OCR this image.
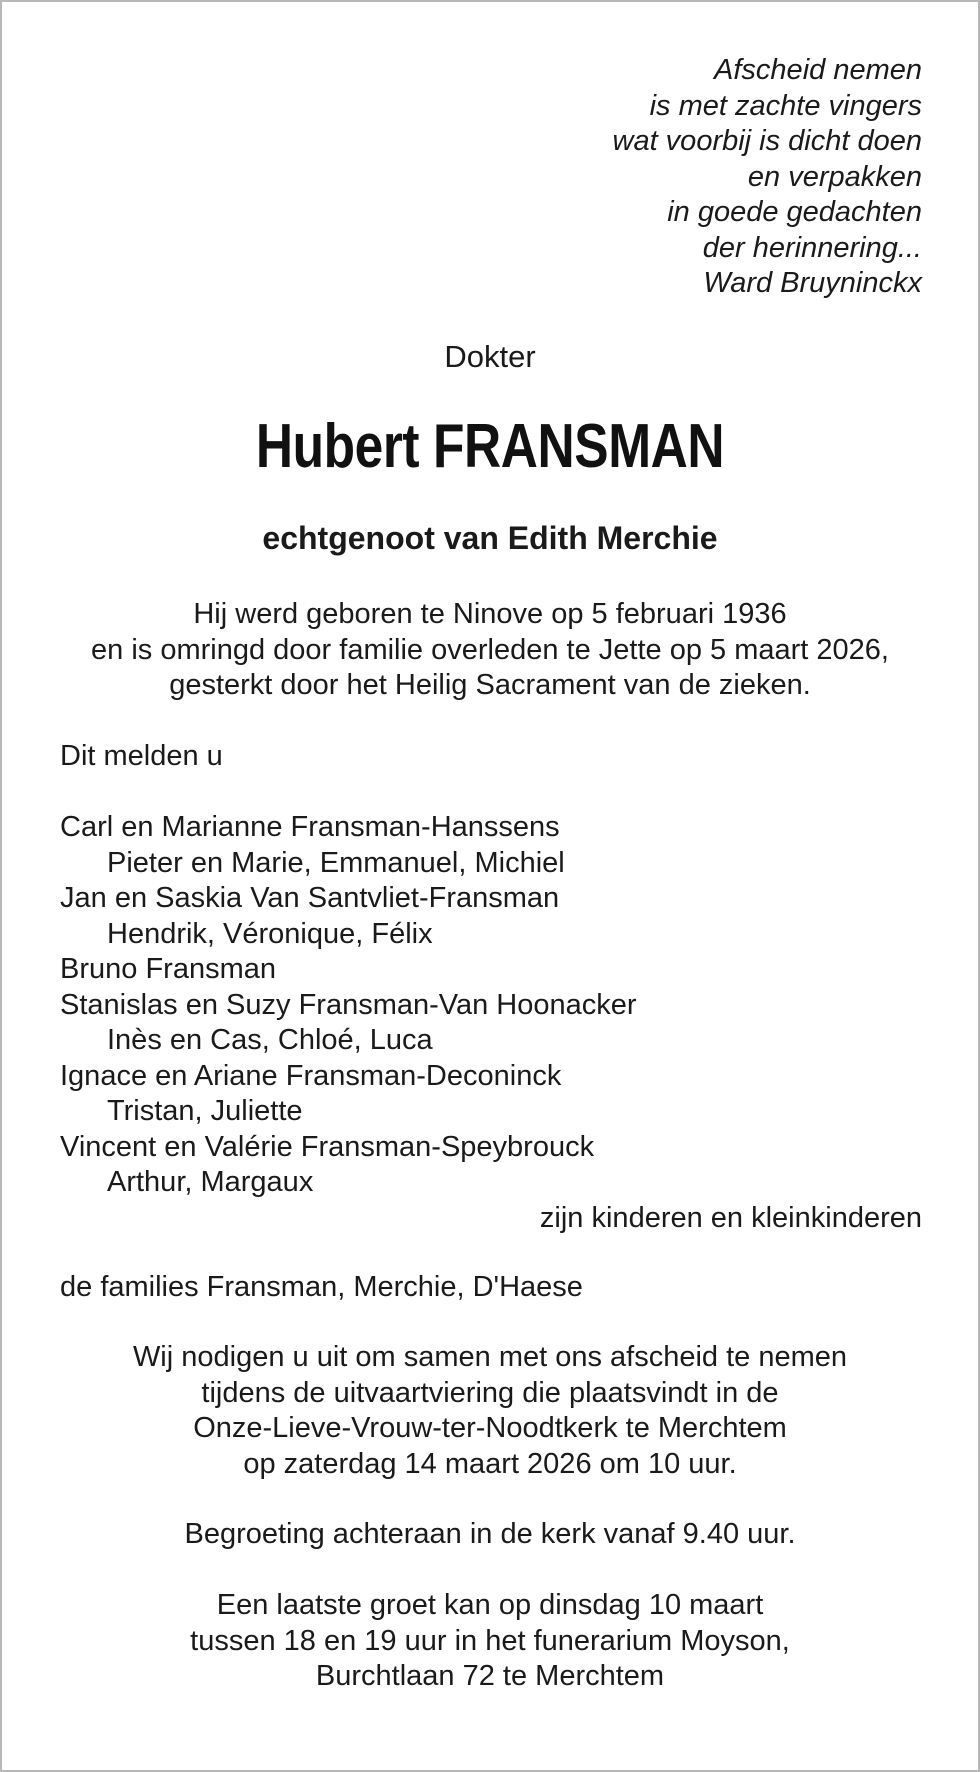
Afscheid nemen
is met zachte vingers
wat voorbij is dicht doen
en verpakken
in goede gedachten
der herinnering...
Ward Bruyninckx
Dokter
Hubert FRANSMAN
echtgenoot van Edith Merchie
Hij werd geboren te Ninove op 5 februari 1936
en is omringd door familie overleden te Jette op 5 maart 2026,
gesterkt door het Heilig Sacrament van de zieken.
Dit melden u
Carl en Marianne Fransman-Hanssens
Pieter en Marie, Emmanuel, Michiel
Jan en Saskia Van Santvliet-Fransman
Hendrik, Véronique, Félix
Bruno Fransman
Stanislas en Suzy Fransman-Van Hoonacker
Inès en Cas, Chloé, Luca
Ignace en Ariane Fransman-Deconinck
Tristan, Juliette
Vincent en Valérie Fransman-Speybrouck
Arthur, Margaux
zijn kinderen en kleinkinderen
de families Fransman, Merchie, D'Haese
Wij nodigen u uit om samen met ons afscheid te nemen
tijdens de uitvaartviering die plaatsvindt in de
Onze-Lieve-Vrouw-ter-Noodtkerk te Merchtem
op zaterdag 14 maart 2026 om 10 uur.
Begroeting achteraan in de kerk vanaf 9.40 uur.
Een laatste groet kan op dinsdag 10 maart
tussen 18 en 19 uur in het funerarium Moyson,
Burchtlaan 72 te Merchtem
